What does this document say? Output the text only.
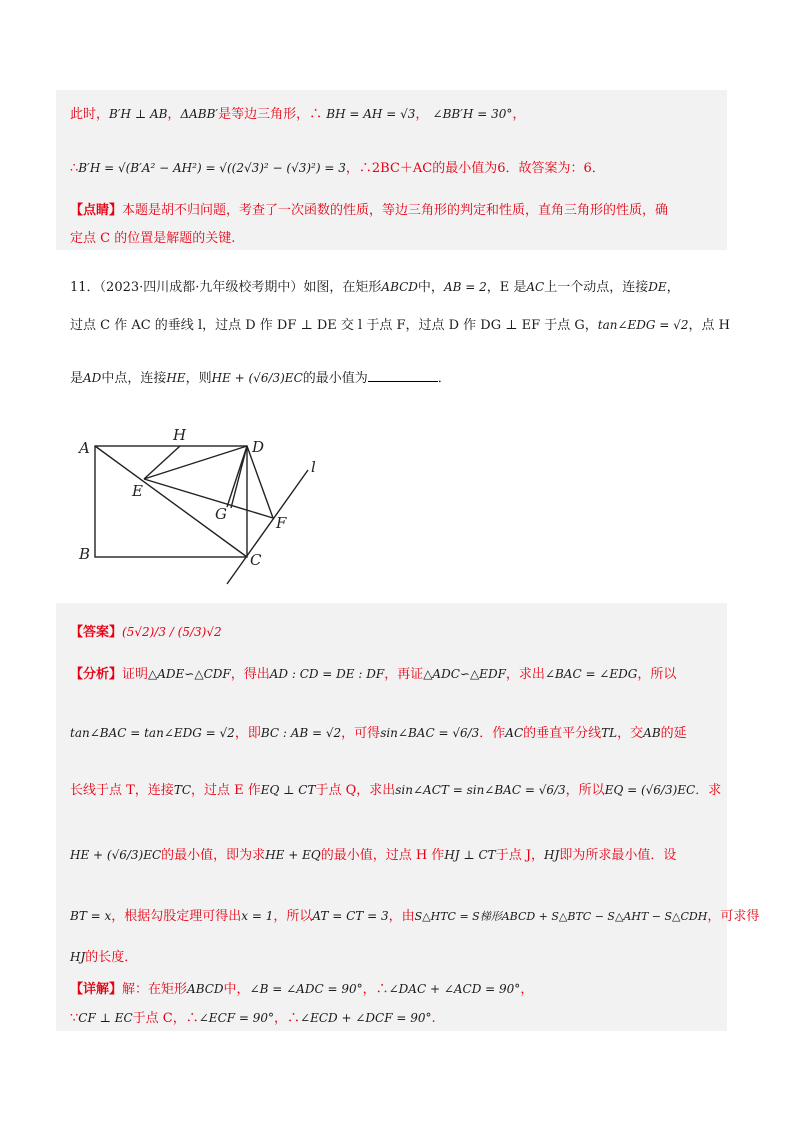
此时，B′H ⊥ AB，ΔABB′是等边三角形，∴ BH = AH = √3， ∠BB′H = 30°，
∴B′H = √(B′A² − AH²) = √((2√3)² − (√3)²) = 3，∴2BC＋AC的最小值为6．故答案为：6．
【点睛】本题是胡不归问题，考查了一次函数的性质，等边三角形的判定和性质，直角三角形的性质，确
定点 C 的位置是解题的关键.
11．（2023·四川成都·九年级校考期中）如图，在矩形ABCD中，AB = 2，E 是AC上一个动点，连接DE，
过点 C 作 AC 的垂线 l，过点 D 作 DF ⊥ DE 交 l 于点 F，过点 D 作 DG ⊥ EF 于点 G，tan∠EDG = √2，点 H
是AD中点，连接HE，则HE + (√6/3)EC的最小值为	．
A
H
D
E
G	F
l
B	C
【答案】(5√2)/3 / (5/3)√2
【分析】证明△ADE∽△CDF，得出AD : CD = DE : DF，再证△ADC∽△EDF，求出∠BAC = ∠EDG，所以
tan∠BAC = tan∠EDG = √2，即BC : AB = √2，可得sin∠BAC = √6/3．作AC的垂直平分线TL，交AB的延
长线于点 T，连接TC，过点 E 作EQ ⊥ CT于点 Q，求出sin∠ACT = sin∠BAC = √6/3，所以EQ = (√6/3)EC．求
HE + (√6/3)EC的最小值，即为求HE + EQ的最小值，过点 H 作HJ ⊥ CT于点 J，HJ即为所求最小值．设
BT = x，根据勾股定理可得出x = 1，所以AT = CT = 3，由S△HTC = S梯形ABCD + S△BTC − S△AHT − S△CDH，可求得
HJ的长度．
【详解】解：在矩形ABCD中，∠B = ∠ADC = 90°，∴∠DAC + ∠ACD = 90°，
∵CF ⊥ EC于点 C，∴∠ECF = 90°，∴∠ECD + ∠DCF = 90°.
